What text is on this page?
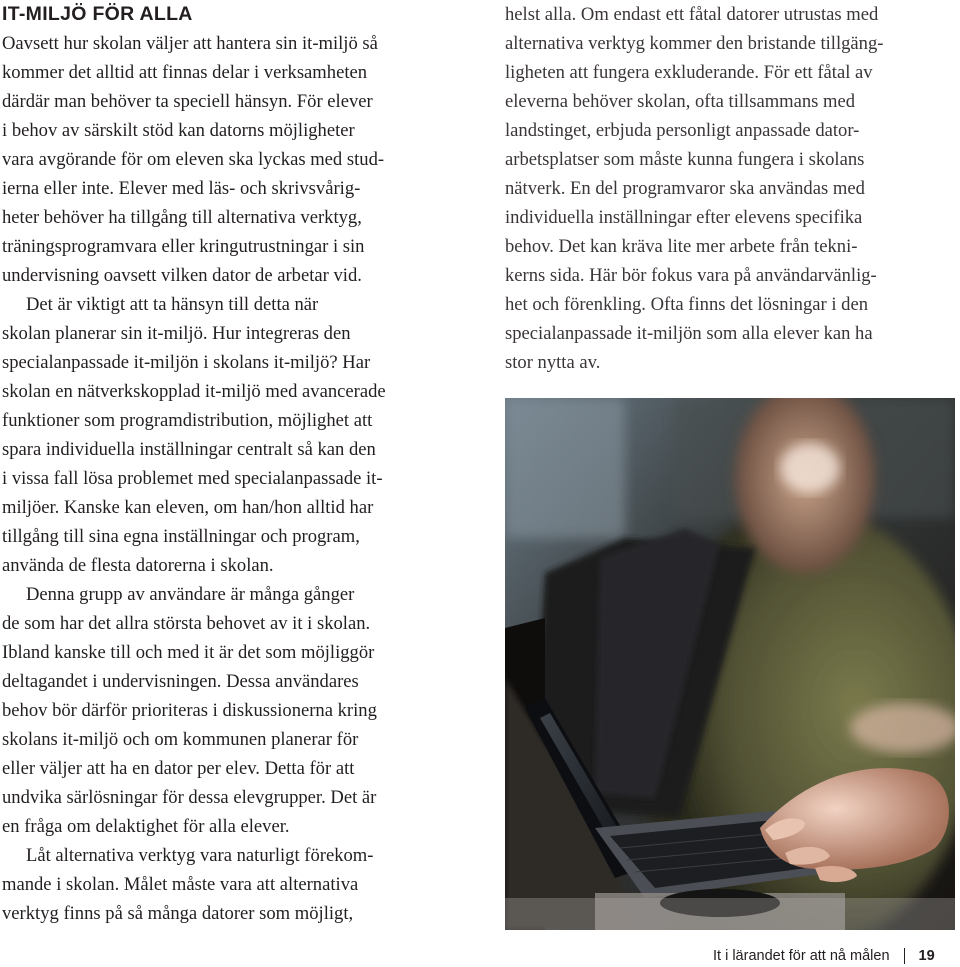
IT-MILJÖ FÖR ALLA
Oavsett hur skolan väljer att hantera sin it-miljö så
kommer det alltid att finnas delar i verksamheten
därdär man behöver ta speciell hänsyn. För elever
i behov av särskilt stöd kan datorns möjligheter
vara avgörande för om eleven ska lyckas med stud-
ierna eller inte. Elever med läs- och skrivsvårig-
heter behöver ha tillgång till alternativa verktyg,
träningsprogramvara eller kringutrustningar i sin
undervisning oavsett vilken dator de arbetar vid.
Det är viktigt att ta hänsyn till detta när
skolan planerar sin it-miljö. Hur integreras den
specialanpassade it-miljön i skolans it-miljö? Har
skolan en nätverkskopplad it-miljö med avancerade
funktioner som programdistribution, möjlighet att
spara individuella inställningar centralt så kan den
i vissa fall lösa problemet med specialanpassade it-
miljöer. Kanske kan eleven, om han/hon alltid har
tillgång till sina egna inställningar och program,
använda de flesta datorerna i skolan.
Denna grupp av användare är många gånger
de som har det allra största behovet av it i skolan.
Ibland kanske till och med it är det som möjliggör
deltagandet i undervisningen. Dessa användares
behov bör därför prioriteras i diskussionerna kring
skolans it-miljö och om kommunen planerar för
eller väljer att ha en dator per elev. Detta för att
undvika särlösningar för dessa elevgrupper. Det är
en fråga om delaktighet för alla elever.
Låt alternativa verktyg vara naturligt förekom-
mande i skolan. Målet måste vara att alternativa
verktyg finns på så många datorer som möjligt,
helst alla. Om endast ett fåtal datorer utrustas med
alternativa verktyg kommer den bristande tillgäng-
ligheten att fungera exkluderande. För ett fåtal av
eleverna behöver skolan, ofta tillsammans med
landstinget, erbjuda personligt anpassade dator-
arbetsplatser som måste kunna fungera i skolans
nätverk. En del programvaror ska användas med
individuella inställningar efter elevens specifika
behov. Det kan kräva lite mer arbete från tekni-
kerns sida. Här bör fokus vara på användarvänlig-
het och förenkling. Ofta finns det lösningar i den
specialanpassade it-miljön som alla elever kan ha
stor nytta av.
It i lärandet för att nå målen 19
